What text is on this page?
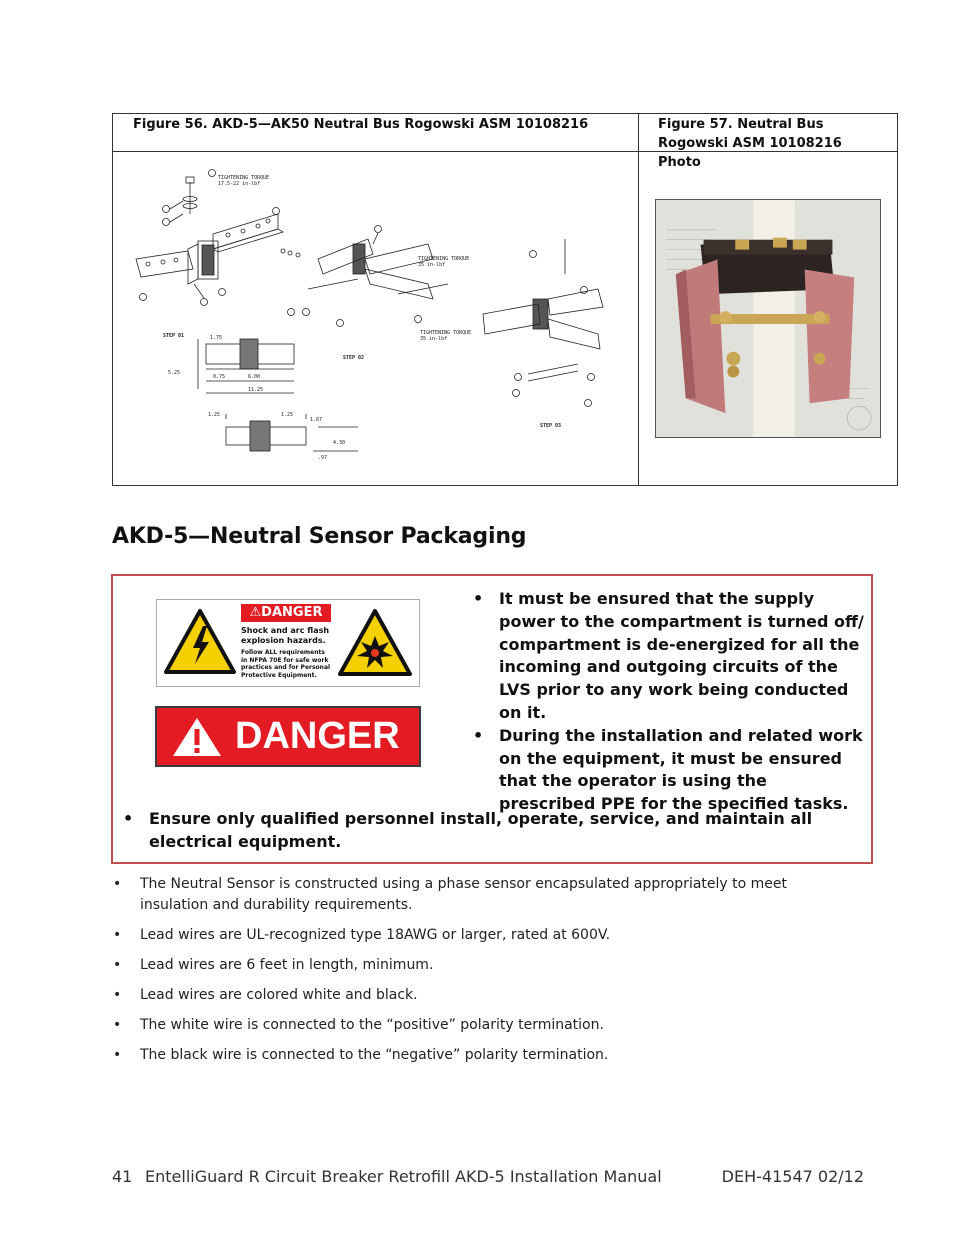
Figure 56. AKD-5—AK50 Neutral Bus Rogowski ASM 10108216	Figure 57. Neutral Bus Rogowski ASM 10108216 Photo
TIGHTENING TORQUE
17.5-22 in-lbf
TIGHTENING TORQUE
35 in-lbf
TIGHTENING TORQUE
35 in-lbf
STEP 01
STEP 02
STEP 03
1.75
5.25
0.75	6.00
11.25
1.25	1.25
1.67
4.30
.97
AKD-5—Neutral Sensor Packaging
⚠DANGER
Shock and arc flash explosion hazards.
Follow ALL requirements in NFPA 70E for safe work practices and for Personal Protective Equipment.
DANGER
• It must be ensured that the supply power to the compartment is turned off/ compartment is de-energized for all the incoming and outgoing circuits of the LVS prior to any work being conducted on it.
• During the installation and related work on the equipment, it must be ensured that the operator is using the prescribed PPE for the specified tasks.
• Ensure only qualified personnel install, operate, service, and maintain all electrical equipment.
• The Neutral Sensor is constructed using a phase sensor encapsulated appropriately to meet insulation and durability requirements.
• Lead wires are UL-recognized type 18AWG or larger, rated at 600V.
• Lead wires are 6 feet in length, minimum.
• Lead wires are colored white and black.
• The white wire is connected to the “positive” polarity termination.
• The black wire is connected to the “negative” polarity termination.
41 EntelliGuard R Circuit Breaker Retrofill AKD-5 Installation Manual	DEH-41547 02/12
